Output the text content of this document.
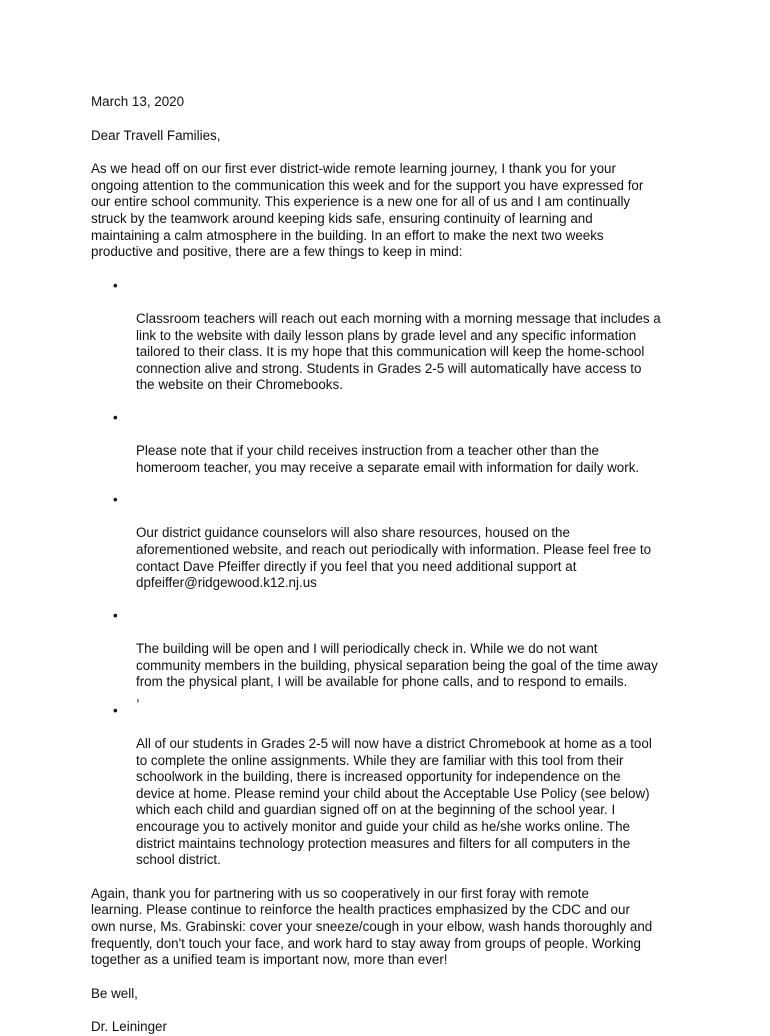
March 13, 2020

Dear Travell Families,

As we head off on our first ever district-wide remote learning journey, I thank you for your
ongoing attention to the communication this week and for the support you have expressed for
our entire school community. This experience is a new one for all of us and I am continually
struck by the teamwork around keeping kids safe, ensuring continuity of learning and
maintaining a calm atmosphere in the building. In an effort to make the next two weeks
productive and positive, there are a few things to keep in mind:

•

Classroom teachers will reach out each morning with a morning message that includes a
link to the website with daily lesson plans by grade level and any specific information
tailored to their class. It is my hope that this communication will keep the home-school
connection alive and strong. Students in Grades 2-5 will automatically have access to
the website on their Chromebooks.

•

Please note that if your child receives instruction from a teacher other than the
homeroom teacher, you may receive a separate email with information for daily work.

•

Our district guidance counselors will also share resources, housed on the
aforementioned website, and reach out periodically with information. Please feel free to
contact Dave Pfeiffer directly if you feel that you need additional support at
dpfeiffer@ridgewood.k12.nj.us

•

The building will be open and I will periodically check in. While we do not want
community members in the building, physical separation being the goal of the time away
from the physical plant, I will be available for phone calls, and to respond to emails.

,

•

All of our students in Grades 2-5 will now have a district Chromebook at home as a tool
to complete the online assignments. While they are familiar with this tool from their
schoolwork in the building, there is increased opportunity for independence on the
device at home. Please remind your child about the Acceptable Use Policy (see below)
which each child and guardian signed off on at the beginning of the school year. I
encourage you to actively monitor and guide your child as he/she works online. The
district maintains technology protection measures and filters for all computers in the
school district.

Again, thank you for partnering with us so cooperatively in our first foray with remote
learning. Please continue to reinforce the health practices emphasized by the CDC and our
own nurse, Ms. Grabinski: cover your sneeze/cough in your elbow, wash hands thoroughly and
frequently, don't touch your face, and work hard to stay away from groups of people. Working
together as a unified team is important now, more than ever!

Be well,

Dr. Leininger
